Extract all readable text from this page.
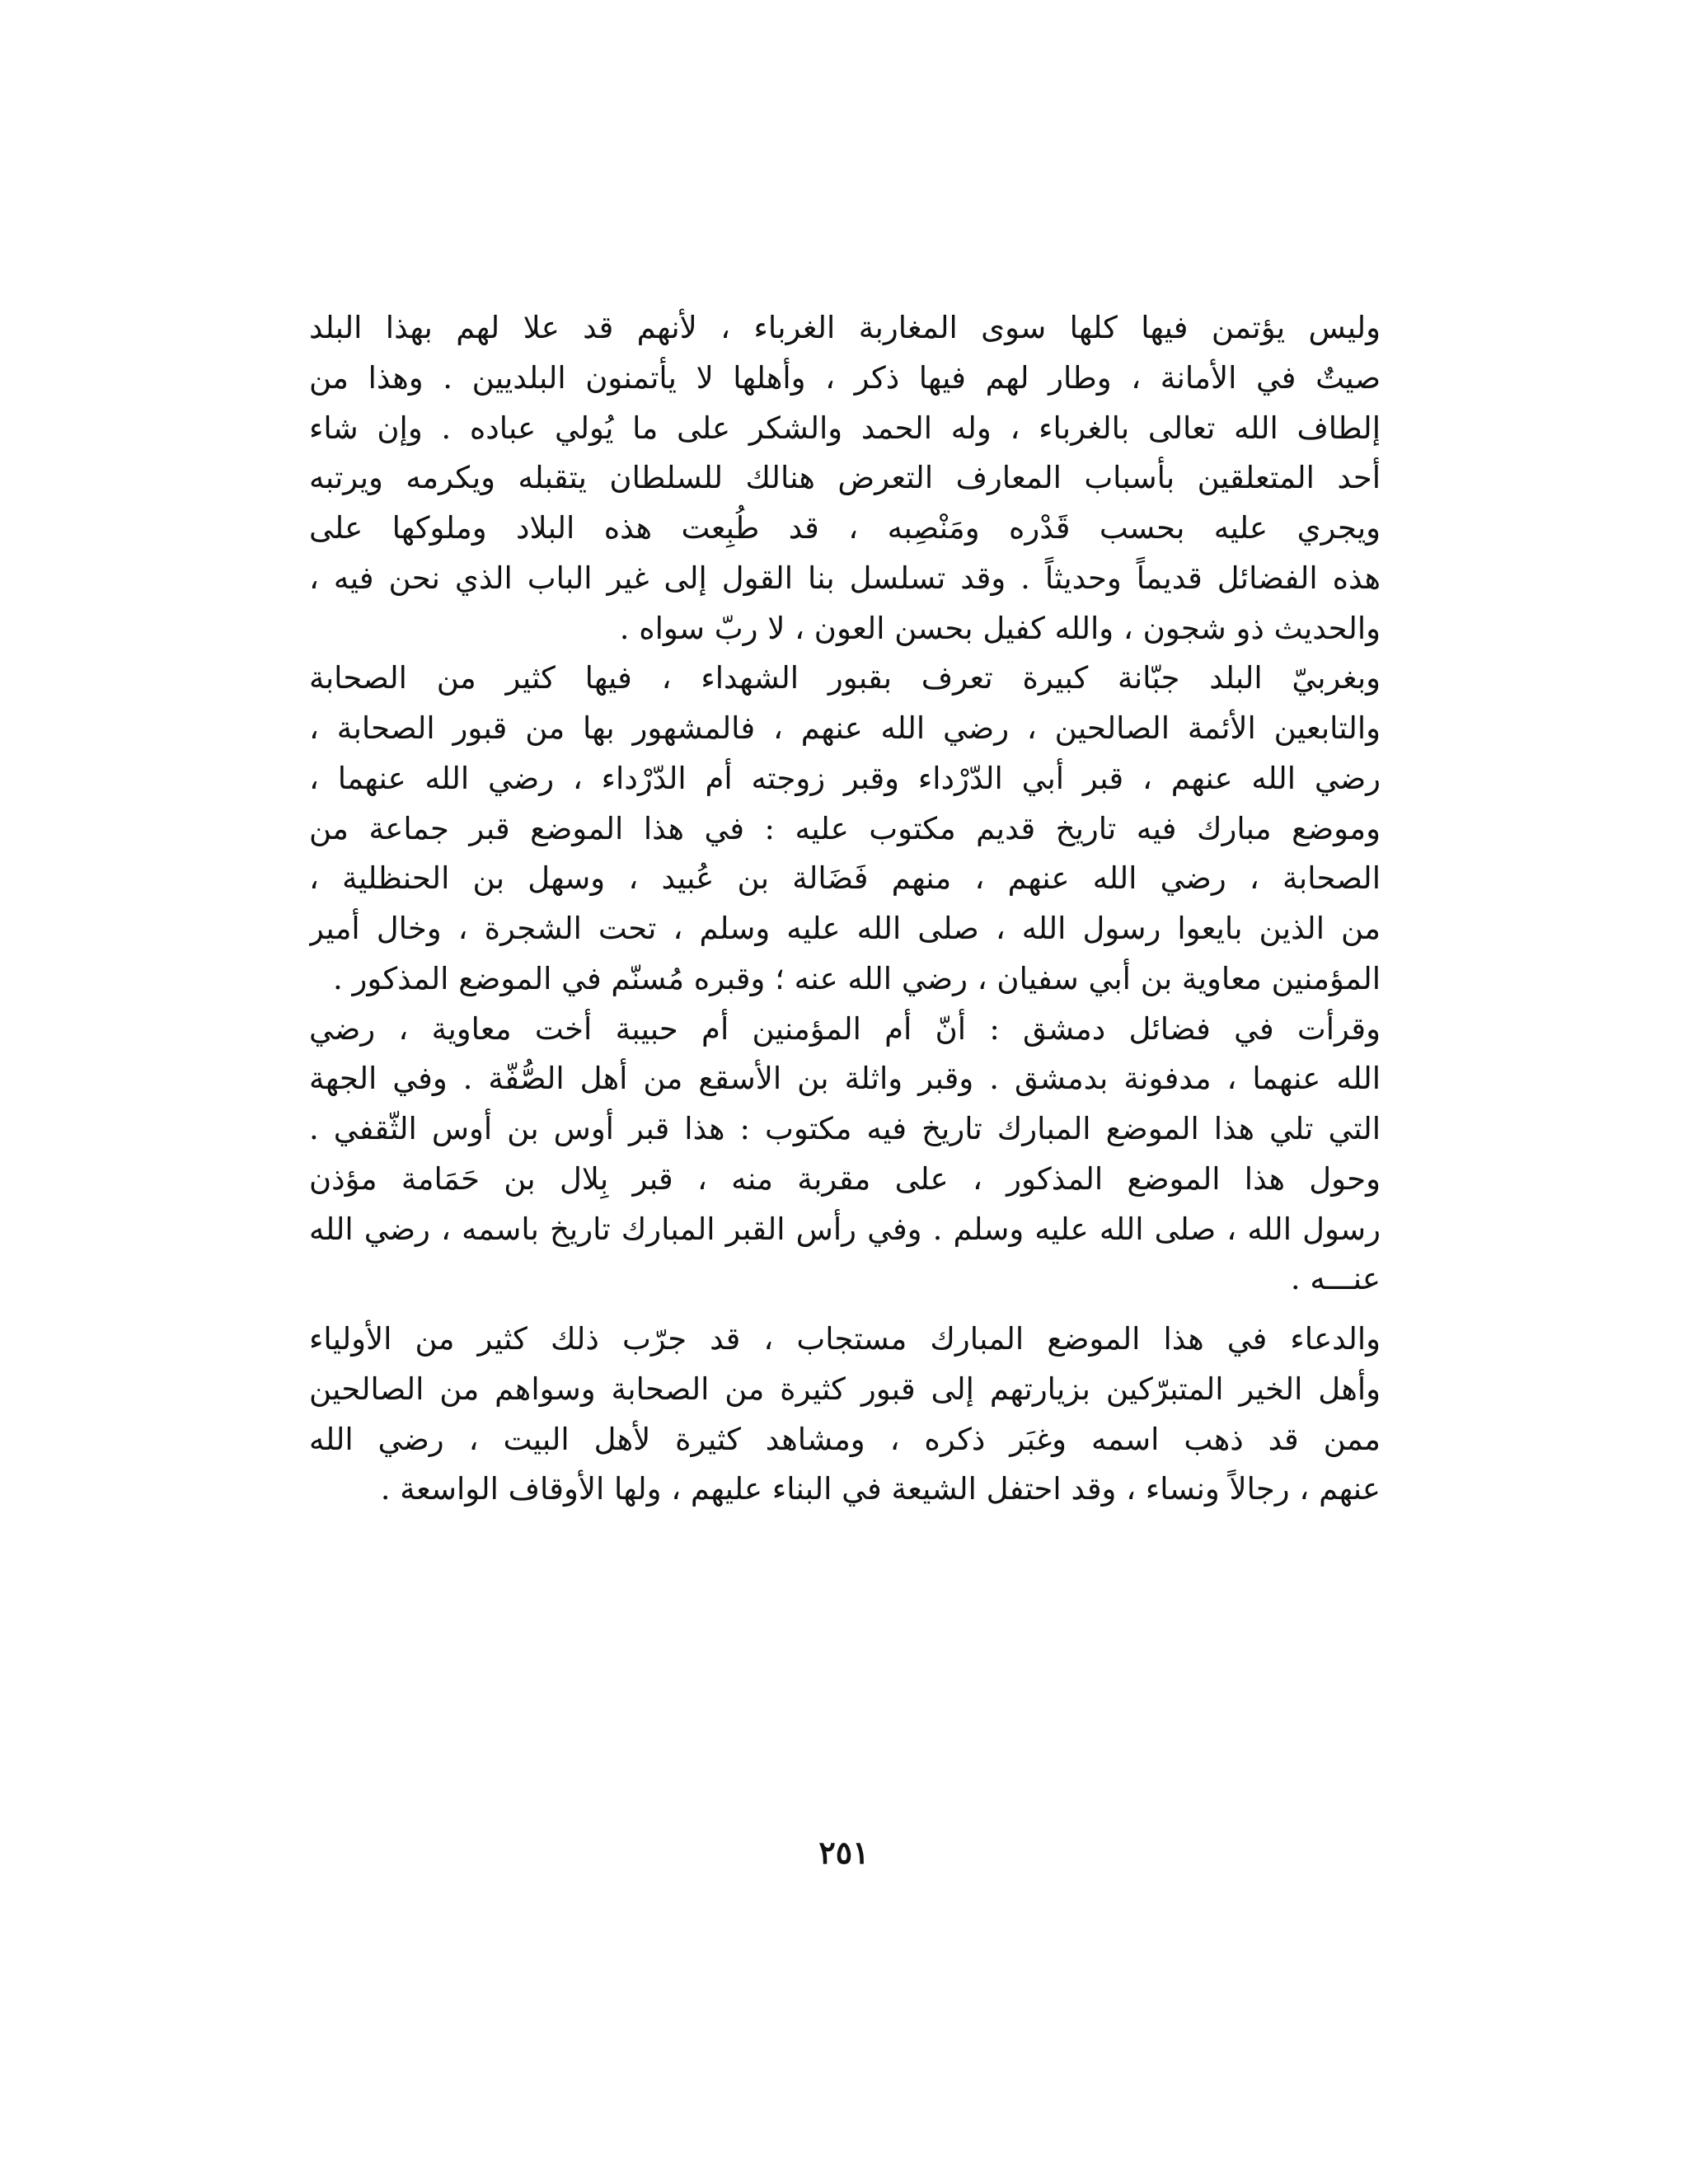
وليس يؤتمن فيها كلها سوى المغاربة الغرباء ، لأنهم قد علا لهم بهذا البلد
صيتٌ في الأمانة ، وطار لهم فيها ذكر ، وأهلها لا يأتمنون البلديين . وهذا من
إلطاف الله تعالى بالغرباء ، وله الحمد والشكر على ما يُولي عباده . وإن شاء
أحد المتعلقين بأسباب المعارف التعرض هنالك للسلطان يتقبله ويكرمه ويرتبه
ويجري عليه بحسب قَدْره ومَنْصِبه ، قد طُبِعت هذه البلاد وملوكها على
هذه الفضائل قديماً وحديثاً . وقد تسلسل بنا القول إلى غير الباب الذي نحن فيه ،
والحديث ذو شجون ، والله كفيل بحسن العون ، لا ربّ سواه .
وبغربيّ البلد جبّانة كبيرة تعرف بقبور الشهداء ، فيها كثير من الصحابة
والتابعين الأئمة الصالحين ، رضي الله عنهم ، فالمشهور بها من قبور الصحابة ،
رضي الله عنهم ، قبر أبي الدّرْداء وقبر زوجته أم الدّرْداء ، رضي الله عنهما ،
وموضع مبارك فيه تاريخ قديم مكتوب عليه : في هذا الموضع قبر جماعة من
الصحابة ، رضي الله عنهم ، منهم فَضَالة بن عُبيد ، وسهل بن الحنظلية ،
من الذين بايعوا رسول الله ، صلى الله عليه وسلم ، تحت الشجرة ، وخال أمير
المؤمنين معاوية بن أبي سفيان ، رضي الله عنه ؛ وقبره مُسنّم في الموضع المذكور .
وقرأت في فضائل دمشق : أنّ أم المؤمنين أم حبيبة أخت معاوية ، رضي
الله عنهما ، مدفونة بدمشق . وقبر واثلة بن الأسقع من أهل الصُّفّة . وفي الجهة
التي تلي هذا الموضع المبارك تاريخ فيه مكتوب : هذا قبر أوس بن أوس الثّقفي .
وحول هذا الموضع المذكور ، على مقربة منه ، قبر بِلال بن حَمَامة مؤذن
رسول الله ، صلى الله عليه وسلم . وفي رأس القبر المبارك تاريخ باسمه ، رضي الله
عنـــه .
والدعاء في هذا الموضع المبارك مستجاب ، قد جرّب ذلك كثير من الأولياء
وأهل الخير المتبرّكين بزيارتهم إلى قبور كثيرة من الصحابة وسواهم من الصالحين
ممن قد ذهب اسمه وغبَر ذكره ، ومشاهد كثيرة لأهل البيت ، رضي الله
عنهم ، رجالاً ونساء ، وقد احتفل الشيعة في البناء عليهم ، ولها الأوقاف الواسعة .
٢٥١
